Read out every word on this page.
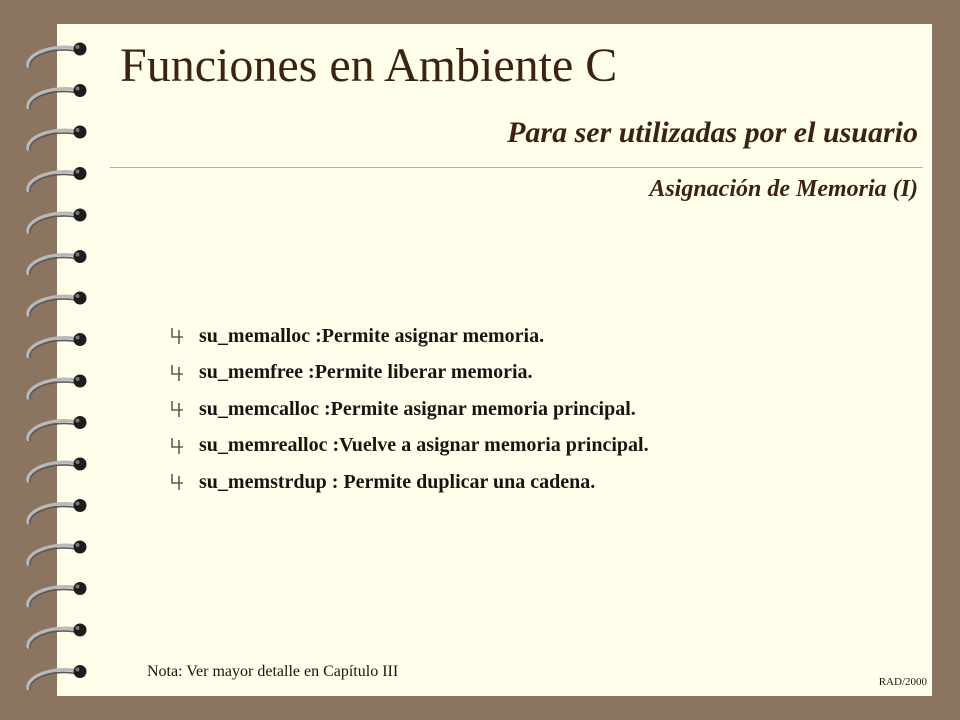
Funciones en Ambiente C
Para ser utilizadas por el usuario
Asignación de Memoria (I)
su_memalloc :Permite asignar memoria.
su_memfree :Permite liberar memoria.
su_memcalloc :Permite asignar memoria principal.
su_memrealloc :Vuelve a asignar memoria principal.
su_memstrdup : Permite duplicar una cadena.
Nota: Ver mayor detalle en Capítulo III
RAD/2000
